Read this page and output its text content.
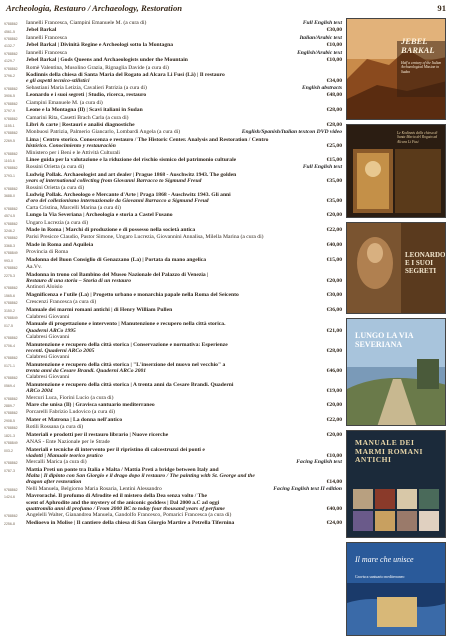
Archeologia, Restauro / Archaeology, Restoration	91
9788862	Iannelli Francesca, Ciampini Emanuele M. (a cura di)	Full English text
4561-5	Jebel Barkal	€30,00
9788862	Iannelli Francesca	Italian/Arabic text
4132-7	Jebel Barkal | Divinità Regine e Archeologi sotto la Montagna	€10,00
9788862	Iannelli Francesca	English/Arabic text
4129-7	Jebel Barkal | Gods Queens and Archaeologists under the Mountain	€10,00
9788862	Romè Valentina, Musolino Grazia, Rignaglia Davide (a cura di)
3796-2	Kodinnis della chiesa di Santa Maria del Rogato ad Alcara Li Fusi (Lä) | Il restauro
e gli aspetti tecnico-stilistici	€34,00
9788862	Sebastiani Maria Letizia, Cavalieri Patrizia (a cura di)	English abstracts
3906-5	Leonardo e i suoi segreti | Studio, ricerca, restauro	€48,00
9788862	Ciampini Emanuele M. (a cura di)
3797-9	Leone e la Montagna (Il) | Scavi italiani in Sudan	€28,00
9788862	Camarini Rita, Casetti Brach Carla (a cura di)
1155-1	Libri & carte | Restauri e analisi diagnostiche	€28,00
9788862	Monbuosi Patrizia, Palmerio Giancarlo, Lombardi Angela (a cura di)	English/Spanish/Italian textcon DVD video
2269-5	Lima | Centro storico. Conoscenza e restauro / The Historic Center. Analysis and Restoration / Centro
histórico. Conocimiento y restauración	€25,00
9788862	Ministero per i Beni e le Attività Culturali
1163-6	Linee guida per la valutazione e la riduzione del rischio sismico del patrimonio culturale	€15,00
9788862	Rossini Orietta (a cura di)	Full English text
3793-1	Ludwig Pollak. Archaeologist and art dealer | Prague 1868 - Auschwitz 1943. The golden
years of international collecting from Giovanni Barracco to Sigmund Freud	€35,00
9788862	Rossini Orietta (a cura di)
3688-0	Ludwig Pollak. Archeologo e Mercante d'Arte | Praga 1868 - Auschwitz 1943. Gli anni
d'oro del collezionismo internazionale da Giovanni Barracco a Sigmund Freud	€35,00
9788862	Carta Cristina, Marcelli Marina (a cura di)
4574-5	Lungo la Via Severiana | Archeologia e storia a Castel Fusano	€20,00
9788862	Ungaro Lucrezia (a cura di)
3246-2	Made in Roma | Marchi di produzione e di possesso nella società antica	€22,00
9788862	Parisi Presicce Claudio, Pastor Simone, Ungaro Lucrezia, Giovannini Annalisa, Milella Marina (a cura di)
3368-3	Made in Roma and Aquileia	€40,00
9788849	Provincia di Roma
993-0	Madonna del Buon Consiglio di Genazzano (La) | Portata da mano angelica	€15,00
9788862	Aa.Vv.
2275-3	Madonna in trono col Bambino del Museo Nazionale del Palazzo di Venezia |
Restauro di una storia – Storia di un restauro	€20,00
9788862	Antinori Aloisio
1565-6	Magnificenza e l'utile (La) | Progetto urbano e monarchia papale nella Roma del Seicento	€30,00
9788862	Crescenzi Francesca (a cura di)
3150-2	Manuale dei marmi romani antichi | di Henry William Pullen	€36,00
9788849	Calabresi Giovanni
017-5	Manuale di progettazione e intervento | Manutenzione e recupero nella città storica.
Quaderni ARCo 1995	€21,00
9788862	Calabresi Giovanni
0706-4	Manutenzione e recupero della città storica | Conservazione e normativa: Esperienze
recenti. Quaderni ARCo 2005	€28,00
9788862	Calabresi Giovanni
0171-1	Manutenzione e recupero della città storica | "L'inserzione del nuovo nel vecchio" a
trenta anni da Cesare Brandi. Quaderni ARCo 2001	€46,00
9788862	Calabresi Giovanni
0569-4	Manutenzione e recupero della città storica | A trenta anni da Cesare Brandi. Quaderni
ARCo 2004	€19,00
9788862	Mercuri Luca, Fiorini Lucio (a cura di)
2889-7	Mare che unisa (Il) | Gravisca santuario mediterraneo	€20,00
9788862	Porcarelli Fabrizio Ludovico (a cura di)
2908-5	Mater et Matrona | La donna nell'antico	€22,00
9788862	Rotili Rossana (a cura di)
1821-3	Materiali e prodotti per il restauro librario | Nuove ricerche	€20,00
9788849	ANAS - Ente Nazionale per le Strade
003-2	Materiali e tecniche di intervento per il ripristino di calcestruzzi dei ponti e
viadotti | Manuale teorico pratico	€10,00
9788862	Mercalli Marica (a cura di)	Facing English text
0787-3	Mattia Preti un ponte tra Italia e Malta / Mattia Preti a bridge between Italy and
Malta | Il dipinto con San Giorgio e il drago dopo il restauro / The painting with St. George and the
dragon after restoration	€14,00
9788862	Nelli Manuela, Belgiorno Maria Rosaria, Lentini Alessandro	Facing English text II edition
1424-6	Mavroraché. Il profumo di Afrodite ed il mistero della Dea senza volto / The
scent of Aphrodite and the mystery of the aniconic goddess | Dal 2000 a.C ad oggi
quattromila anni di profumo / From 2000 BC to today four thousand years of perfume	€40,00
9788862	Angelelli Walter, Gianandrea Manuela, Gandolfo Francesco, Pomarici Francesca (a cura di)
2256-8	Medioevo in Molise | Il cantiere della chiesa di San Giorgio Martire a Petrella Tifernina	€24,00
JEBEL BARKAL
Half a century of the Italian Archaeological Mission in Sudan
Le Kodinnis della chiesa di Santa Maria del Rogato ad Alcara Li Fusi
LEONARDO E I SUOI SEGRETI
LUNGO LA VIA SEVERIANA
MANUALE DEI MARMI ROMANI ANTICHI
Il mare che unisce
Gravisca santuario mediterraneo
